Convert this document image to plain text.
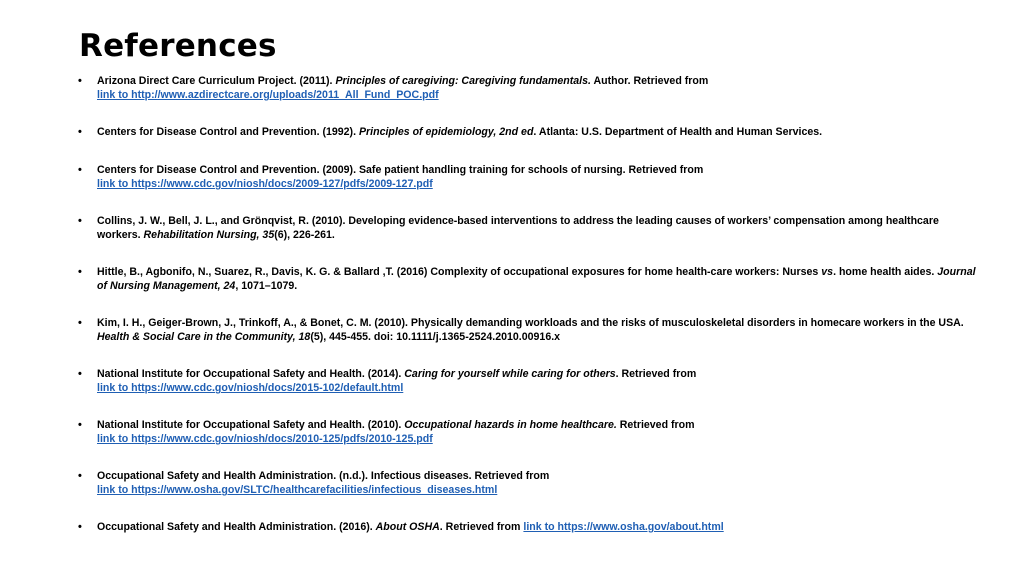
References
• Arizona Direct Care Curriculum Project. (2011). Principles of caregiving: Caregiving fundamentals. Author. Retrieved from
link to http://www.azdirectcare.org/uploads/2011_All_Fund_POC.pdf
• Centers for Disease Control and Prevention. (1992). Principles of epidemiology, 2nd ed. Atlanta: U.S. Department of Health and Human Services.
• Centers for Disease Control and Prevention. (2009). Safe patient handling training for schools of nursing. Retrieved from
link to https://www.cdc.gov/niosh/docs/2009-127/pdfs/2009-127.pdf
• Collins, J. W., Bell, J. L., and Grönqvist, R. (2010). Developing evidence-based interventions to address the leading causes of workers’ compensation among healthcare workers. Rehabilitation Nursing, 35(6), 226-261.
• Hittle, B., Agbonifo, N., Suarez, R., Davis, K. G. & Ballard ,T. (2016) Complexity of occupational exposures for home health-care workers: Nurses vs. home health aides. Journal of Nursing Management, 24, 1071–1079.
• Kim, I. H., Geiger-Brown, J., Trinkoff, A., & Bonet, C. M. (2010). Physically demanding workloads and the risks of musculoskeletal disorders in homecare workers in the USA. Health & Social Care in the Community, 18(5), 445-455. doi: 10.1111/j.1365-2524.2010.00916.x
• National Institute for Occupational Safety and Health. (2014). Caring for yourself while caring for others. Retrieved from
link to https://www.cdc.gov/niosh/docs/2015-102/default.html
• National Institute for Occupational Safety and Health. (2010). Occupational hazards in home healthcare. Retrieved from
link to https://www.cdc.gov/niosh/docs/2010-125/pdfs/2010-125.pdf
• Occupational Safety and Health Administration. (n.d.). Infectious diseases. Retrieved from
link to https://www.osha.gov/SLTC/healthcarefacilities/infectious_diseases.html
• Occupational Safety and Health Administration. (2016). About OSHA. Retrieved from link to https://www.osha.gov/about.html
